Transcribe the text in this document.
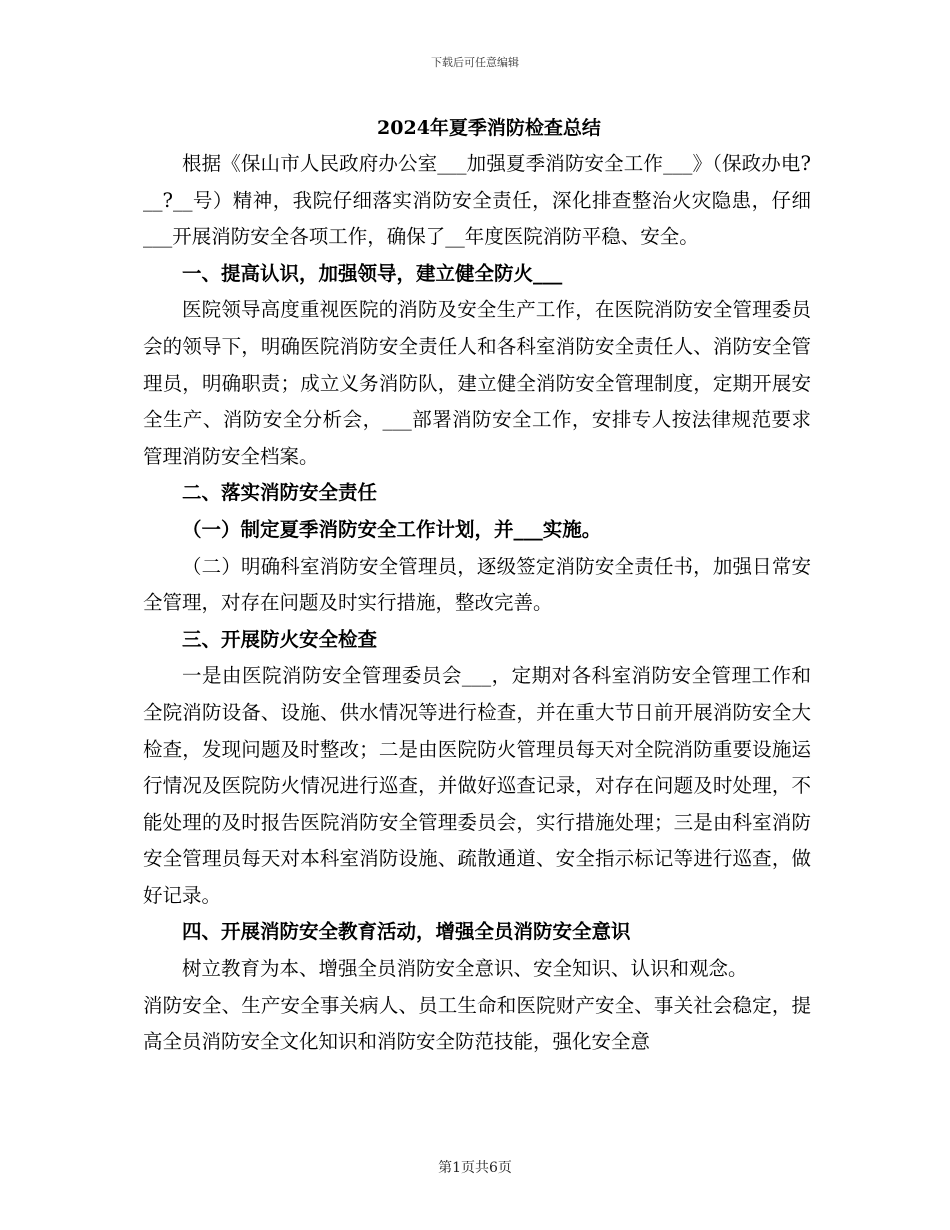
下载后可任意编辑
2024年夏季消防检查总结

根据《保山市人民政府办公室___加强夏季消防安全工作___》（保政办电?__?__号）精神，我院仔细落实消防安全责任，深化排查整治火灾隐患，仔细___开展消防安全各项工作，确保了__年度医院消防平稳、安全。

一、提高认识，加强领导，建立健全防火___

医院领导高度重视医院的消防及安全生产工作，在医院消防安全管理委员会的领导下，明确医院消防安全责任人和各科室消防安全责任人、消防安全管理员，明确职责；成立义务消防队，建立健全消防安全管理制度，定期开展安全生产、消防安全分析会，___部署消防安全工作，安排专人按法律规范要求管理消防安全档案。

二、落实消防安全责任

（一）制定夏季消防安全工作计划，并___实施。

（二）明确科室消防安全管理员，逐级签定消防安全责任书，加强日常安全管理，对存在问题及时实行措施，整改完善。

三、开展防火安全检查

一是由医院消防安全管理委员会___，定期对各科室消防安全管理工作和全院消防设备、设施、供水情况等进行检查，并在重大节日前开展消防安全大检查，发现问题及时整改；二是由医院防火管理员每天对全院消防重要设施运行情况及医院防火情况进行巡查，并做好巡查记录，对存在问题及时处理，不能处理的及时报告医院消防安全管理委员会，实行措施处理；三是由科室消防安全管理员每天对本科室消防设施、疏散通道、安全指示标记等进行巡查，做好记录。

四、开展消防安全教育活动，增强全员消防安全意识

树立教育为本、增强全员消防安全意识、安全知识、认识和观念。

消防安全、生产安全事关病人、员工生命和医院财产安全、事关社会稳定，提高全员消防安全文化知识和消防安全防范技能，强化安全意

第1页共6页
